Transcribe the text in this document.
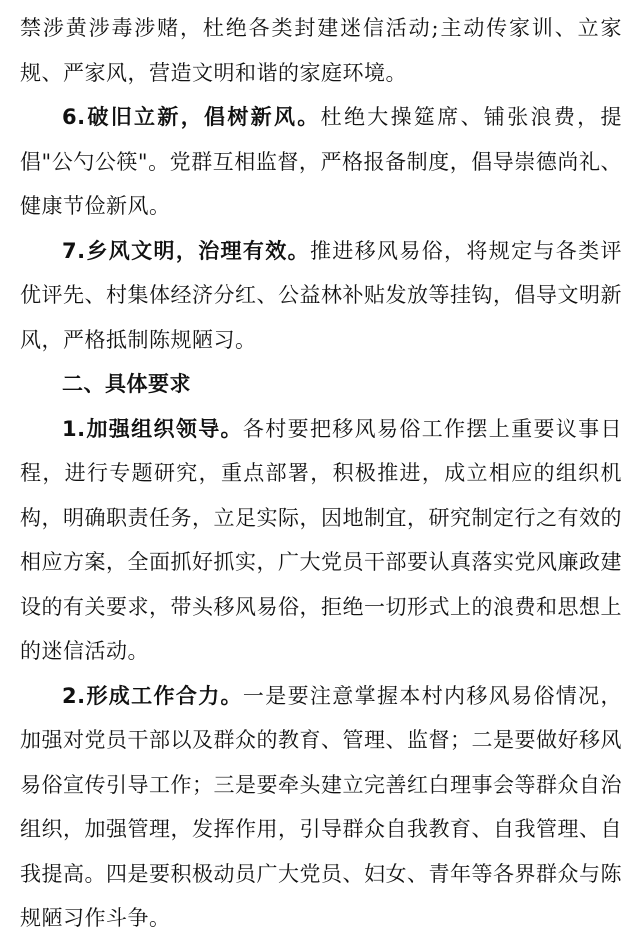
禁涉黄涉毒涉赌，杜绝各类封建迷信活动;主动传家训、立家规、严家风，营造文明和谐的家庭环境。

6.破旧立新，倡树新风。杜绝大操筵席、铺张浪费，提倡"公勺公筷"。党群互相监督，严格报备制度，倡导崇德尚礼、健康节俭新风。

7.乡风文明，治理有效。推进移风易俗，将规定与各类评优评先、村集体经济分红、公益林补贴发放等挂钩，倡导文明新风，严格抵制陈规陋习。

二、具体要求

1.加强组织领导。各村要把移风易俗工作摆上重要议事日程，进行专题研究，重点部署，积极推进，成立相应的组织机构，明确职责任务，立足实际，因地制宜，研究制定行之有效的相应方案，全面抓好抓实，广大党员干部要认真落实党风廉政建设的有关要求，带头移风易俗，拒绝一切形式上的浪费和思想上的迷信活动。

2.形成工作合力。一是要注意掌握本村内移风易俗情况，加强对党员干部以及群众的教育、管理、监督；二是要做好移风易俗宣传引导工作；三是要牵头建立完善红白理事会等群众自治组织，加强管理，发挥作用，引导群众自我教育、自我管理、自我提高。四是要积极动员广大党员、妇女、青年等各界群众与陈规陋习作斗争。
